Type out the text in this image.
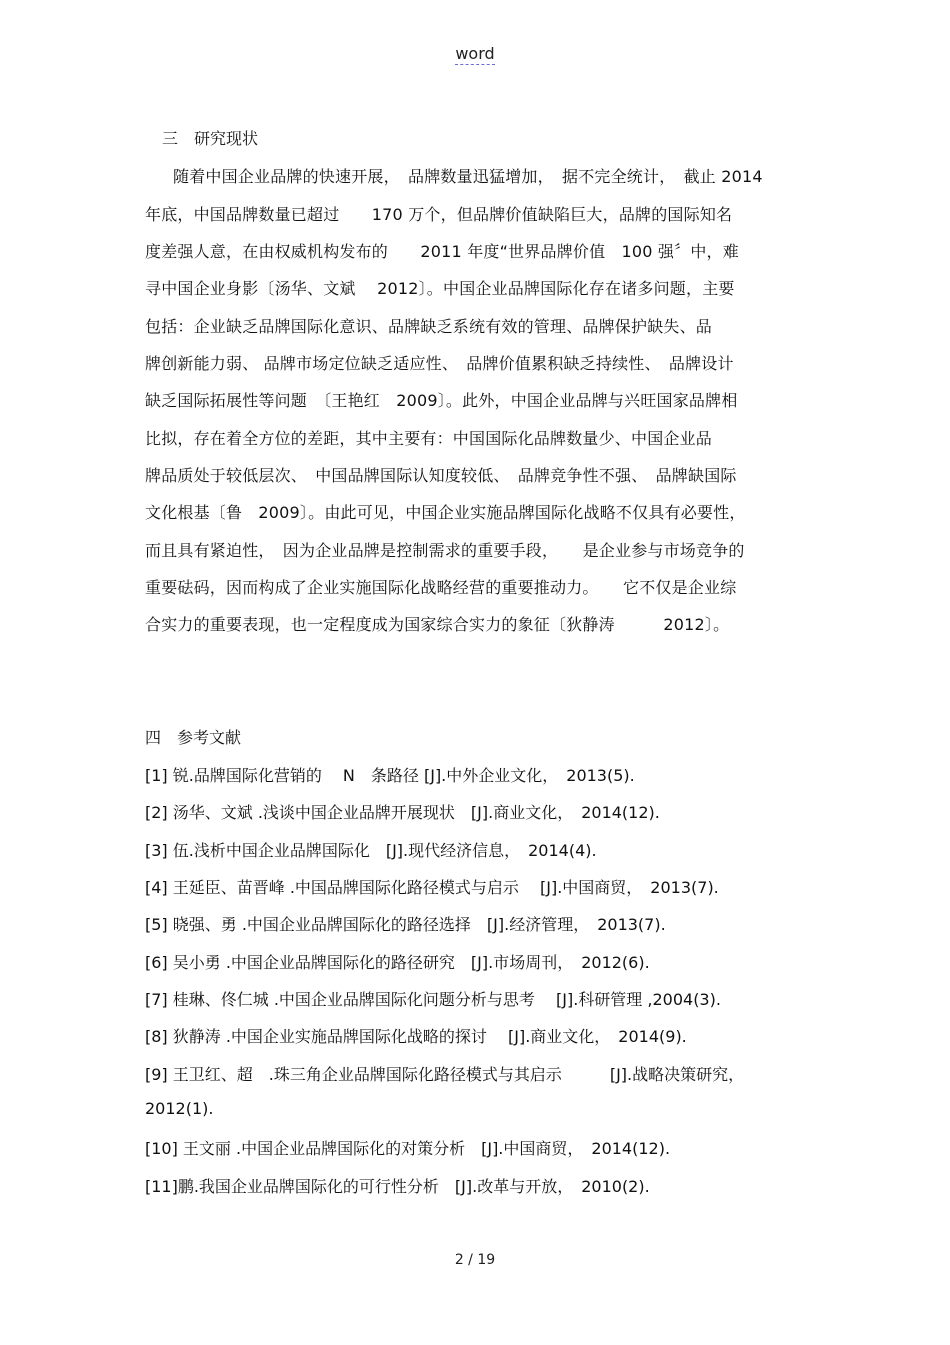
word
三　研究现状
随着中国企业品牌的快速开展，　品牌数量迅猛增加，　据不完全统计，　截止 2014
年底，中国品牌数量已超过　　170 万个，但品牌价值缺陷巨大，品牌的国际知名
度差强人意，在由权威机构发布的　　2011 年度“世界品牌价值　100 强〞中，难
寻中国企业身影〔汤华、文斌　 2012〕。中国企业品牌国际化存在诸多问题，主要
包括：企业缺乏品牌国际化意识、品牌缺乏系统有效的管理、品牌保护缺失、品
牌创新能力弱、 品牌市场定位缺乏适应性、　品牌价值累积缺乏持续性、　品牌设计
缺乏国际拓展性等问题　〔王艳红　2009〕。此外，中国企业品牌与兴旺国家品牌相
比拟，存在着全方位的差距，其中主要有：中国国际化品牌数量少、中国企业品
牌品质处于较低层次、　中国品牌国际认知度较低、　品牌竞争性不强、　品牌缺国际
文化根基〔鲁　2009〕。由此可见，中国企业实施品牌国际化战略不仅具有必要性，
而且具有紧迫性，　因为企业品牌是控制需求的重要手段，　　是企业参与市场竞争的
重要砝码，因而构成了企业实施国际化战略经营的重要推动力。　　它不仅是企业综
合实力的重要表现，也一定程度成为国家综合实力的象征〔狄静涛　　　2012〕。
四　参考文献
[1] 锐.品牌国际化营销的　 N　条路径 [J].中外企业文化，　2013(5).
[2] 汤华、文斌 .浅谈中国企业品牌开展现状　[J].商业文化，　2014(12).
[3] 伍.浅析中国企业品牌国际化　[J].现代经济信息，　2014(4).
[4] 王延臣、苗晋峰 .中国品牌国际化路径模式与启示　 [J].中国商贸，　2013(7).
[5] 晓强、勇 .中国企业品牌国际化的路径选择　[J].经济管理，　2013(7).
[6] 吴小勇 .中国企业品牌国际化的路径研究　[J].市场周刊，　2012(6).
[7] 桂琳、佟仁城 .中国企业品牌国际化问题分析与思考　 [J].科研管理 ,2004(3).
[8] 狄静涛 .中国企业实施品牌国际化战略的探讨　 [J].商业文化，　2014(9).
[9] 王卫红、超　.珠三角企业品牌国际化路径模式与其启示　　　[J].战略决策研究，
2012(1).
[10] 王文丽 .中国企业品牌国际化的对策分析　[J].中国商贸，　2014(12).
[11]鹏.我国企业品牌国际化的可行性分析　[J].改革与开放，　2010(2).
2 / 19
